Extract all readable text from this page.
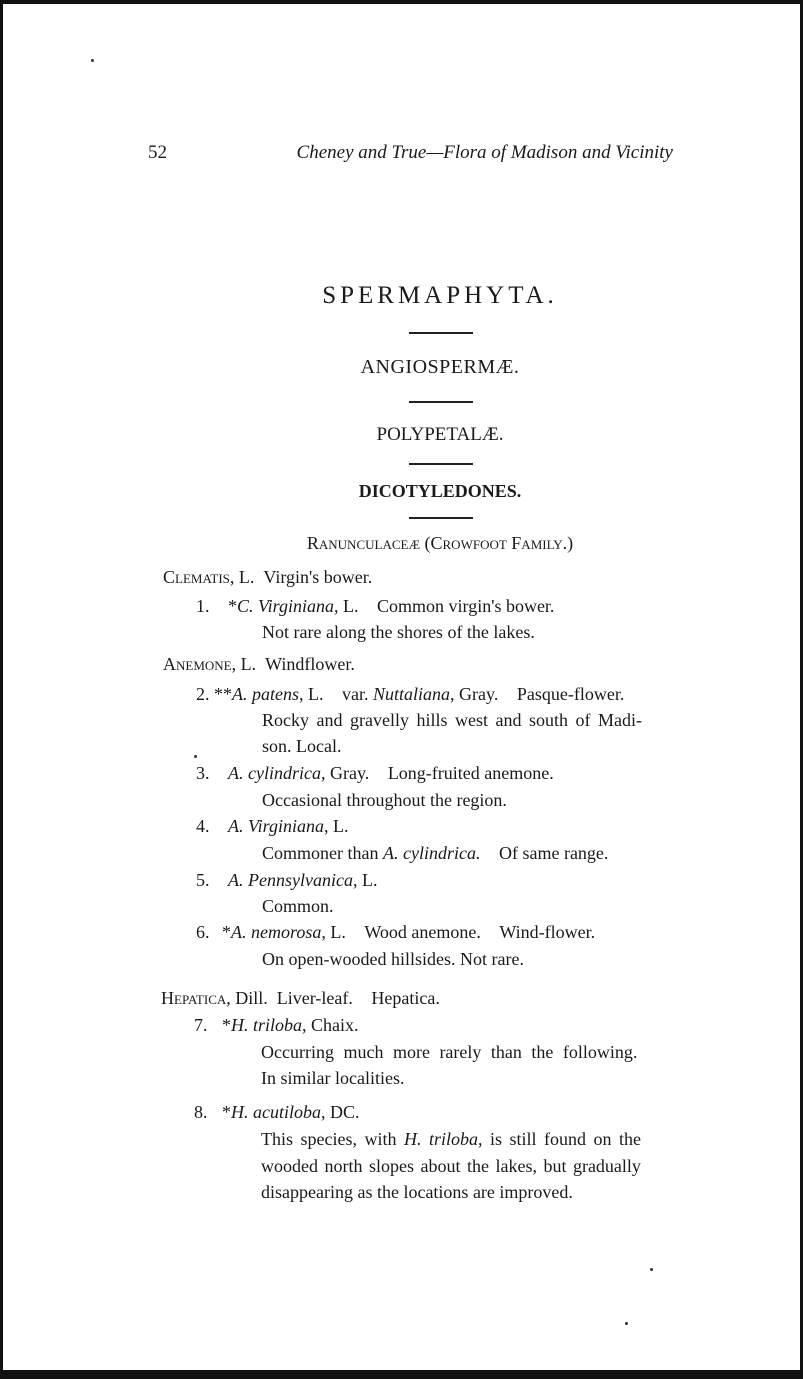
52	Cheney and True—Flora of Madison and Vicinity
SPERMAPHYTA.
ANGIOSPERMÆ.
POLYPETALÆ.
DICOTYLEDONES.
Ranunculaceæ (Crowfoot Family.)
Clematis, L. Virgin's bower.
1. *C. Virginiana, L. Common virgin's bower.
Not rare along the shores of the lakes.
Anemone, L. Windflower.
2. **A. patens, L. var. Nuttaliana, Gray. Pasque-flower.
Rocky and gravelly hills west and south of Madi-
son. Local.
3. A. cylindrica, Gray. Long-fruited anemone.
Occasional throughout the region.
4. A. Virginiana, L.
Commoner than A. cylindrica. Of same range.
5. A. Pennsylvanica, L.
Common.
6. *A. nemorosa, L. Wood anemone. Wind-flower.
On open-wooded hillsides. Not rare.
Hepatica, Dill. Liver-leaf. Hepatica.
7. *H. triloba, Chaix.
Occurring much more rarely than the following.
In similar localities.
8. *H. acutiloba, DC.
This species, with H. triloba, is still found on the
wooded north slopes about the lakes, but gradually
disappearing as the locations are improved.
